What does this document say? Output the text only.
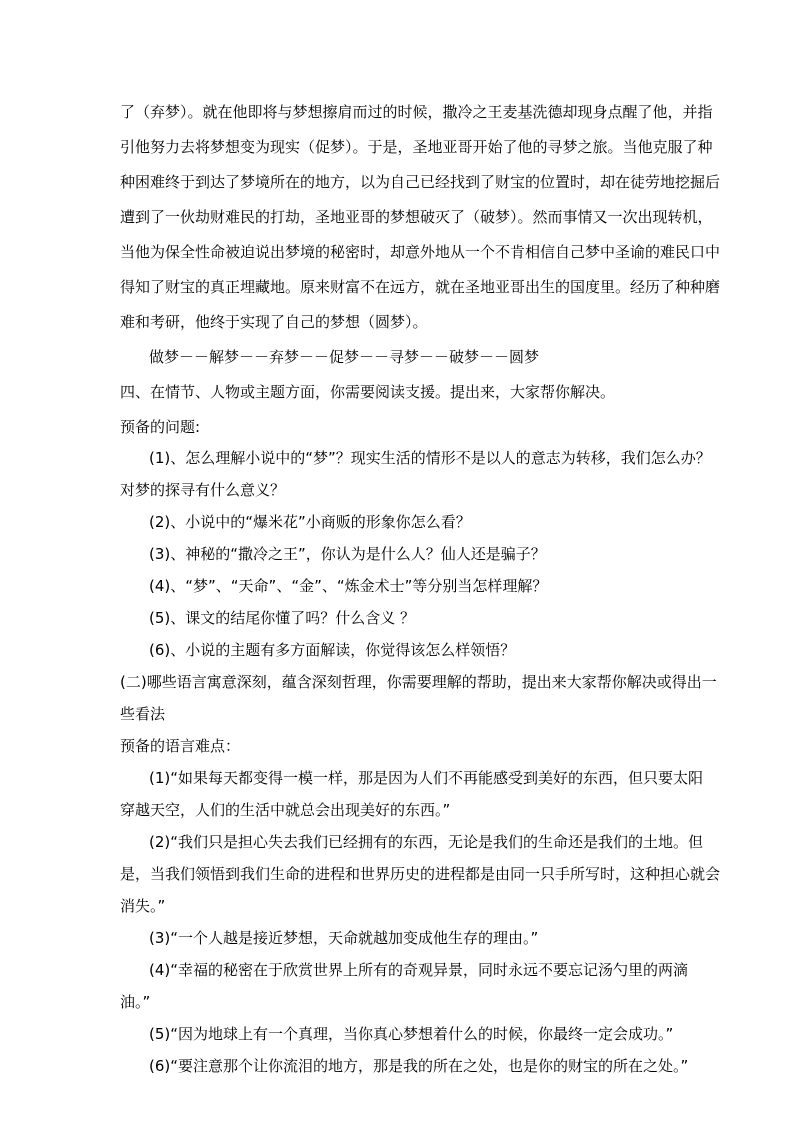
了（弃梦）。就在他即将与梦想擦肩而过的时候，撒冷之王麦基洗德却现身点醒了他，并指
引他努力去将梦想变为现实（促梦）。于是，圣地亚哥开始了他的寻梦之旅。当他克服了种
种困难终于到达了梦境所在的地方，以为自己已经找到了财宝的位置时，却在徒劳地挖掘后
遭到了一伙劫财难民的打劫，圣地亚哥的梦想破灭了（破梦）。然而事情又一次出现转机，
当他为保全性命被迫说出梦境的秘密时，却意外地从一个不肯相信自己梦中圣谕的难民口中
得知了财宝的真正埋藏地。原来财富不在远方，就在圣地亚哥出生的国度里。经历了种种磨
难和考研，他终于实现了自己的梦想（圆梦）。
做梦－－解梦－－弃梦－－促梦－－寻梦－－破梦－－圆梦
四、在情节、人物或主题方面，你需要阅读支援。提出来，大家帮你解决。
预备的问题:
(1)、怎么理解小说中的“梦”？现实生活的情形不是以人的意志为转移，我们怎么办？
对梦的探寻有什么意义？
(2)、小说中的“爆米花”小商贩的形象你怎么看？
(3)、神秘的“撒冷之王”，你认为是什么人？仙人还是骗子？
(4)、“梦”、“天命”、“金”、“炼金术士”等分别当怎样理解？
(5)、课文的结尾你懂了吗？什么含义 ？
(6)、小说的主题有多方面解读，你觉得该怎么样领悟？
(二)哪些语言寓意深刻，蕴含深刻哲理，你需要理解的帮助，提出来大家帮你解决或得出一
些看法
预备的语言难点：
(1)“如果每天都变得一模一样，那是因为人们不再能感受到美好的东西，但只要太阳
穿越天空，人们的生活中就总会出现美好的东西。”
(2)“我们只是担心失去我们已经拥有的东西，无论是我们的生命还是我们的土地。但
是，当我们领悟到我们生命的进程和世界历史的进程都是由同一只手所写时，这种担心就会
消失。”
(3)“一个人越是接近梦想，天命就越加变成他生存的理由。”
(4)“幸福的秘密在于欣赏世界上所有的奇观异景，同时永远不要忘记汤勺里的两滴
油。”
(5)“因为地球上有一个真理，当你真心梦想着什么的时候，你最终一定会成功。”
(6)“要注意那个让你流泪的地方，那是我的所在之处，也是你的财宝的所在之处。”
